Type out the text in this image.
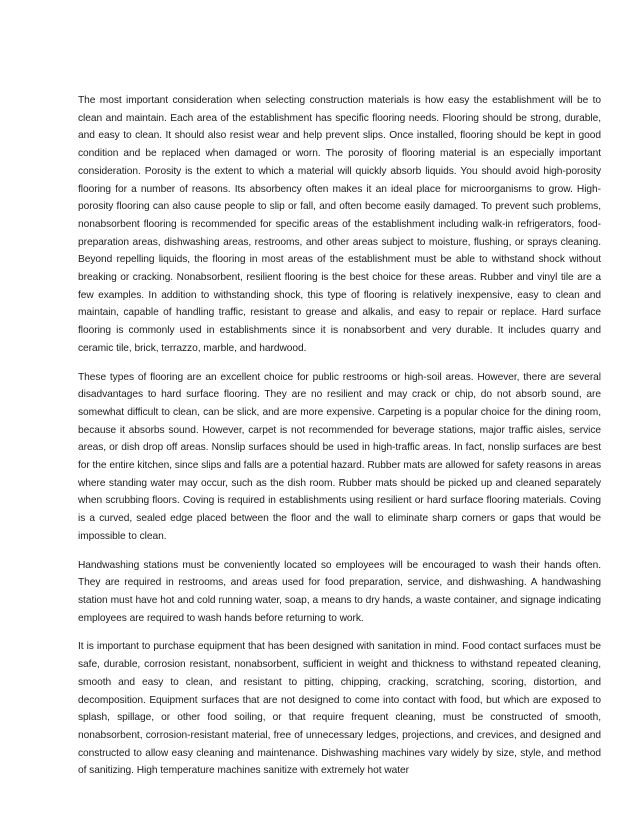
The most important consideration when selecting construction materials is how easy the establishment will be to clean and maintain. Each area of the establishment has specific flooring needs. Flooring should be strong, durable, and easy to clean. It should also resist wear and help prevent slips. Once installed, flooring should be kept in good condition and be replaced when damaged or worn. The porosity of flooring material is an especially important consideration. Porosity is the extent to which a material will quickly absorb liquids. You should avoid high-porosity flooring for a number of reasons. Its absorbency often makes it an ideal place for microorganisms to grow. High-porosity flooring can also cause people to slip or fall, and often become easily damaged. To prevent such problems, nonabsorbent flooring is recommended for specific areas of the establishment including walk-in refrigerators, food-preparation areas, dishwashing areas, restrooms, and other areas subject to moisture, flushing, or sprays cleaning. Beyond repelling liquids, the flooring in most areas of the establishment must be able to withstand shock without breaking or cracking. Nonabsorbent, resilient flooring is the best choice for these areas. Rubber and vinyl tile are a few examples. In addition to withstanding shock, this type of flooring is relatively inexpensive, easy to clean and maintain, capable of handling traffic, resistant to grease and alkalis, and easy to repair or replace. Hard surface flooring is commonly used in establishments since it is nonabsorbent and very durable. It includes quarry and ceramic tile, brick, terrazzo, marble, and hardwood.

These types of flooring are an excellent choice for public restrooms or high-soil areas. However, there are several disadvantages to hard surface flooring. They are no resilient and may crack or chip, do not absorb sound, are somewhat difficult to clean, can be slick, and are more expensive. Carpeting is a popular choice for the dining room, because it absorbs sound. However, carpet is not recommended for beverage stations, major traffic aisles, service areas, or dish drop off areas. Nonslip surfaces should be used in high-traffic areas. In fact, nonslip surfaces are best for the entire kitchen, since slips and falls are a potential hazard. Rubber mats are allowed for safety reasons in areas where standing water may occur, such as the dish room. Rubber mats should be picked up and cleaned separately when scrubbing floors. Coving is required in establishments using resilient or hard surface flooring materials. Coving is a curved, sealed edge placed between the floor and the wall to eliminate sharp corners or gaps that would be impossible to clean.

Handwashing stations must be conveniently located so employees will be encouraged to wash their hands often. They are required in restrooms, and areas used for food preparation, service, and dishwashing. A handwashing station must have hot and cold running water, soap, a means to dry hands, a waste container, and signage indicating employees are required to wash hands before returning to work.

It is important to purchase equipment that has been designed with sanitation in mind. Food contact surfaces must be safe, durable, corrosion resistant, nonabsorbent, sufficient in weight and thickness to withstand repeated cleaning, smooth and easy to clean, and resistant to pitting, chipping, cracking, scratching, scoring, distortion, and decomposition. Equipment surfaces that are not designed to come into contact with food, but which are exposed to splash, spillage, or other food soiling, or that require frequent cleaning, must be constructed of smooth, nonabsorbent, corrosion-resistant material, free of unnecessary ledges, projections, and crevices, and designed and constructed to allow easy cleaning and maintenance. Dishwashing machines vary widely by size, style, and method of sanitizing. High temperature machines sanitize with extremely hot water
